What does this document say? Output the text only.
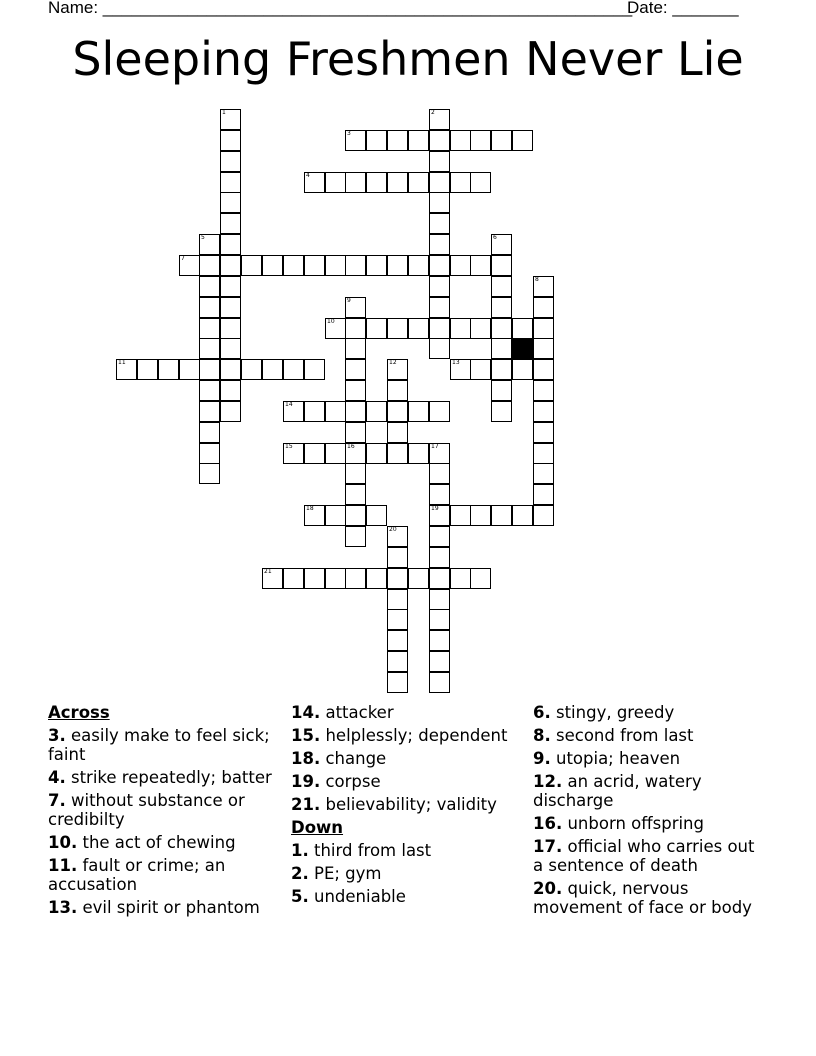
Name: ________________________________________________________
Date: _______
Sleeping Freshmen Never Lie
1	2
3
4
5	6
7
8
9
16
10
11	12	13
14
15	17
19
18
20
21
Across
3. easily make to feel sick; faint
4. strike repeatedly; batter
7. without substance or credibilty
10. the act of chewing
11. fault or crime; an accusation
13. evil spirit or phantom
14. attacker
15. helplessly; dependent
18. change
19. corpse
21. believability; validity
Down
1. third from last
2. PE; gym
5. undeniable
6. stingy, greedy
8. second from last
9. utopia; heaven
12. an acrid, watery discharge
16. unborn offspring
17. official who carries out a sentence of death
20. quick, nervous movement of face or body
